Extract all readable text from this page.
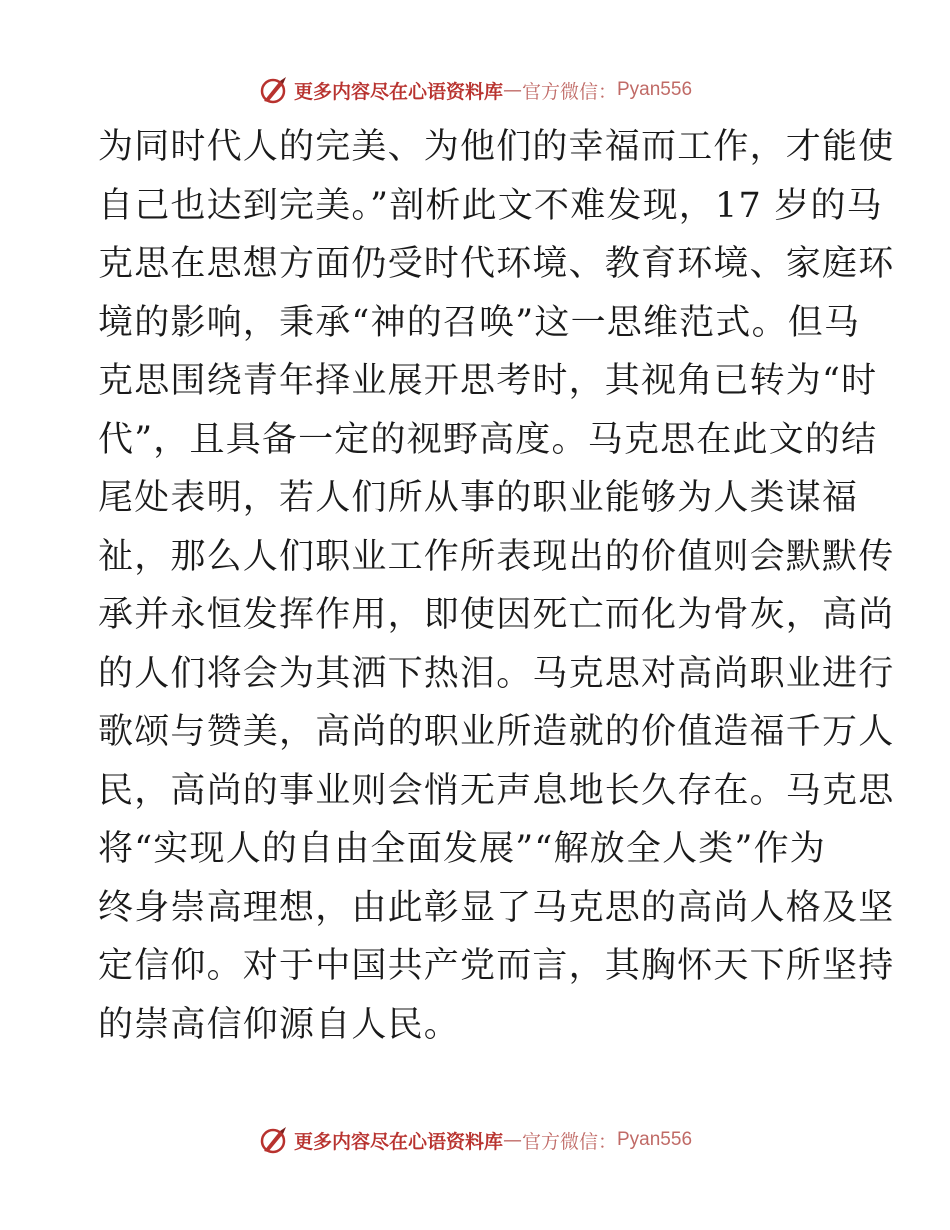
更多内容尽在心语资料库 — 官方微信： Pyan556
为同时代人的完美、为他们的幸福而工作，才能使
自己也达到完美。”剖析此文不难发现，17 岁的马
克思在思想方面仍受时代环境、教育环境、家庭环
境的影响，秉承“神的召唤”这一思维范式。但马
克思围绕青年择业展开思考时，其视角已转为“时
代”，且具备一定的视野高度。马克思在此文的结
尾处表明，若人们所从事的职业能够为人类谋福
祉，那么人们职业工作所表现出的价值则会默默传
承并永恒发挥作用，即使因死亡而化为骨灰，高尚
的人们将会为其洒下热泪。马克思对高尚职业进行
歌颂与赞美，高尚的职业所造就的价值造福千万人
民，高尚的事业则会悄无声息地长久存在。马克思
将“实现人的自由全面发展”“解放全人类”作为
终身崇高理想，由此彰显了马克思的高尚人格及坚
定信仰。对于中国共产党而言，其胸怀天下所坚持
的崇高信仰源自人民。
更多内容尽在心语资料库 — 官方微信： Pyan556
